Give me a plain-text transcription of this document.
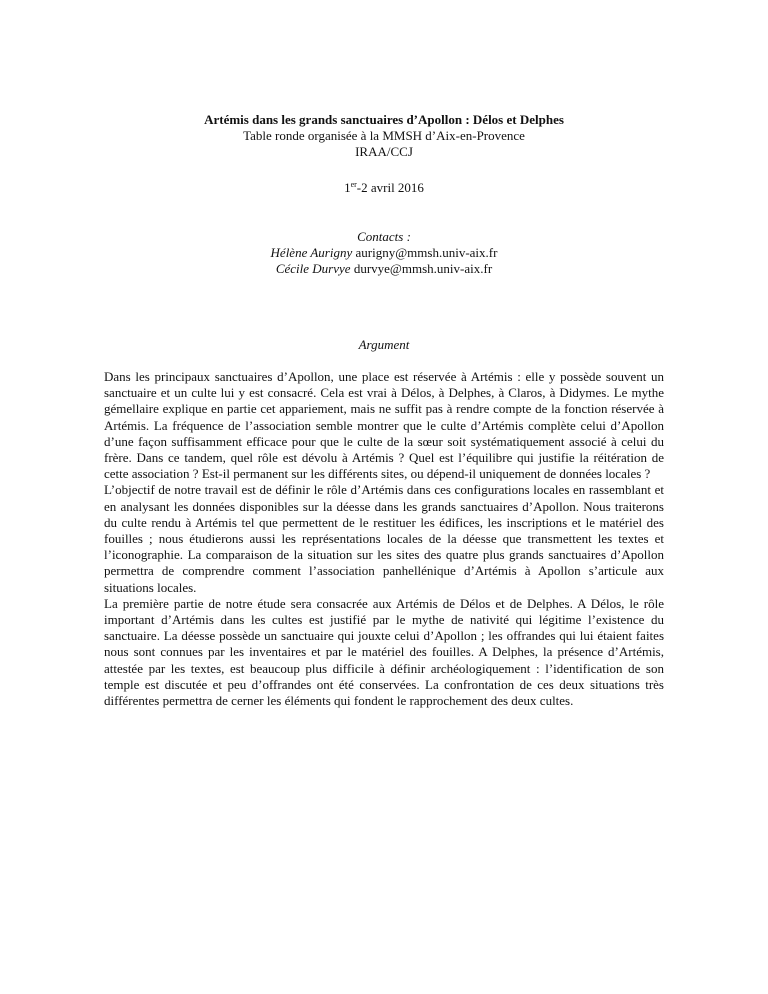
Artémis dans les grands sanctuaires d’Apollon : Délos et Delphes
Table ronde organisée à la MMSH d’Aix-en-Provence
IRAA/CCJ
1er-2 avril 2016
Contacts :
Hélène Aurigny aurigny@mmsh.univ-aix.fr
Cécile Durvye durvye@mmsh.univ-aix.fr
Argument

Dans les principaux sanctuaires d’Apollon, une place est réservée à Artémis : elle y possède souvent un sanctuaire et un culte lui y est consacré. Cela est vrai à Délos, à Delphes, à Claros, à Didymes. Le mythe gémellaire explique en partie cet appariement, mais ne suffit pas à rendre compte de la fonction réservée à Artémis. La fréquence de l’association semble montrer que le culte d’Artémis complète celui d’Apollon d’une façon suffisamment efficace pour que le culte de la sœur soit systématiquement associé à celui du frère. Dans ce tandem, quel rôle est dévolu à Artémis ? Quel est l’équilibre qui justifie la réitération de cette association ? Est-il permanent sur les différents sites, ou dépend-il uniquement de données locales ?

L’objectif de notre travail est de définir le rôle d’Artémis dans ces configurations locales en rassemblant et en analysant les données disponibles sur la déesse dans les grands sanctuaires d’Apollon. Nous traiterons du culte rendu à Artémis tel que permettent de le restituer les édifices, les inscriptions et le matériel des fouilles ; nous étudierons aussi les représentations locales de la déesse que transmettent les textes et l’iconographie. La comparaison de la situation sur les sites des quatre plus grands sanctuaires d’Apollon permettra de comprendre comment l’association panhellénique d’Artémis à Apollon s’articule aux situations locales.

La première partie de notre étude sera consacrée aux Artémis de Délos et de Delphes. A Délos, le rôle important d’Artémis dans les cultes est justifié par le mythe de nativité qui légitime l’existence du sanctuaire. La déesse possède un sanctuaire qui jouxte celui d’Apollon ; les offrandes qui lui étaient faites nous sont connues par les inventaires et par le matériel des fouilles. A Delphes, la présence d’Artémis, attestée par les textes, est beaucoup plus difficile à définir archéologiquement : l’identification de son temple est discutée et peu d’offrandes ont été conservées. La confrontation de ces deux situations très différentes permettra de cerner les éléments qui fondent le rapprochement des deux cultes.
